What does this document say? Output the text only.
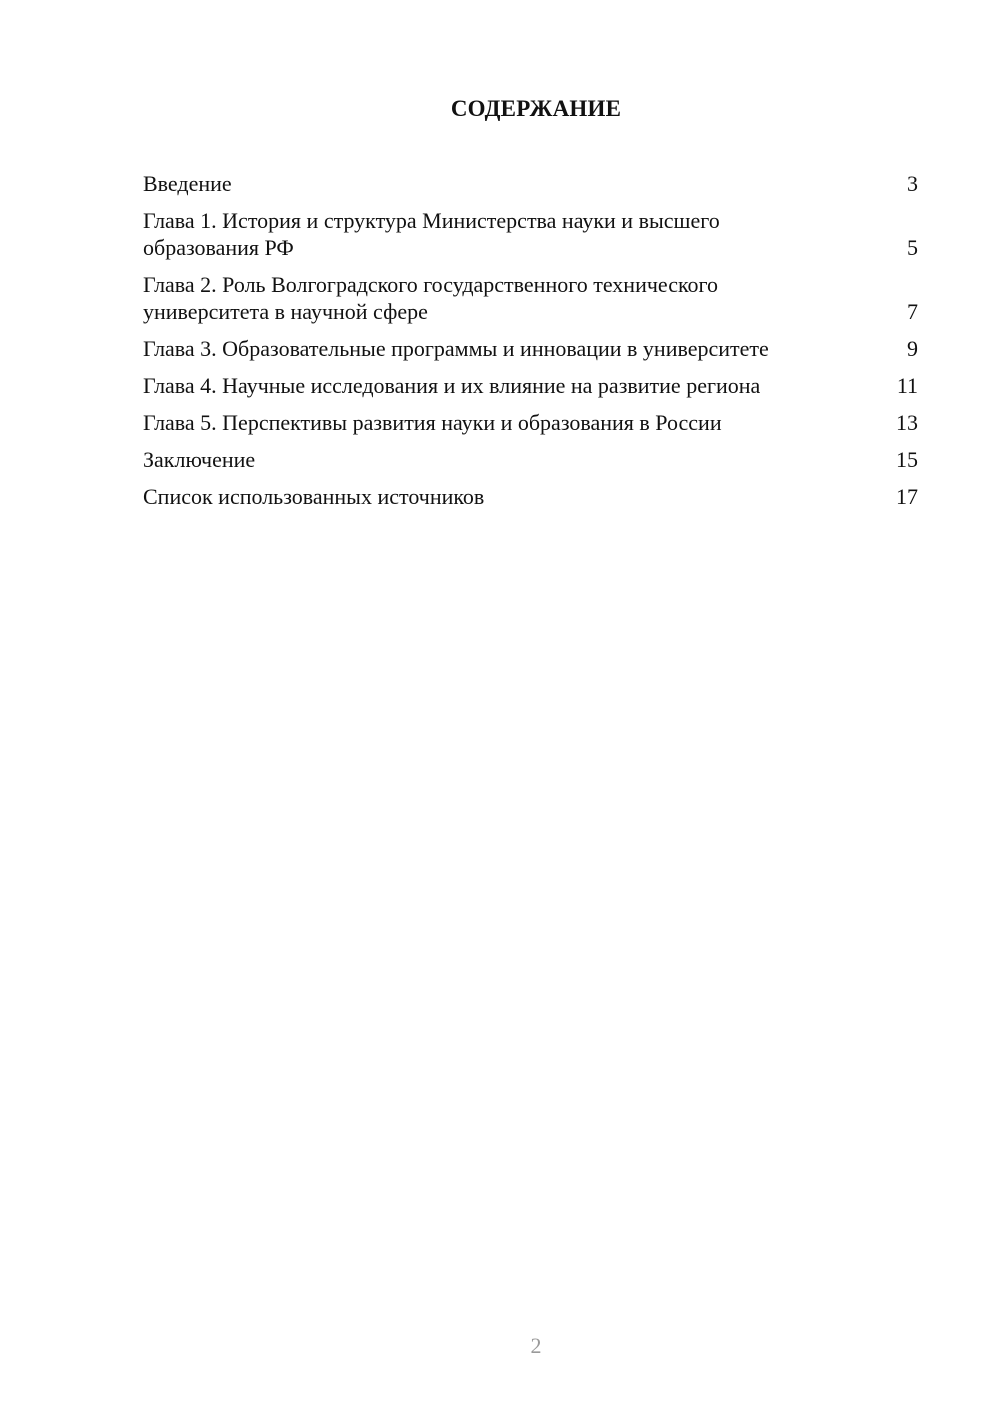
СОДЕРЖАНИЕ
Введение	3
Глава 1. История и структура Министерства науки и высшего образования РФ	5
Глава 2. Роль Волгоградского государственного технического университета в научной сфере	7
Глава 3. Образовательные программы и инновации в университете	9
Глава 4. Научные исследования и их влияние на развитие региона	11
Глава 5. Перспективы развития науки и образования в России	13
Заключение	15
Список использованных источников	17
2
